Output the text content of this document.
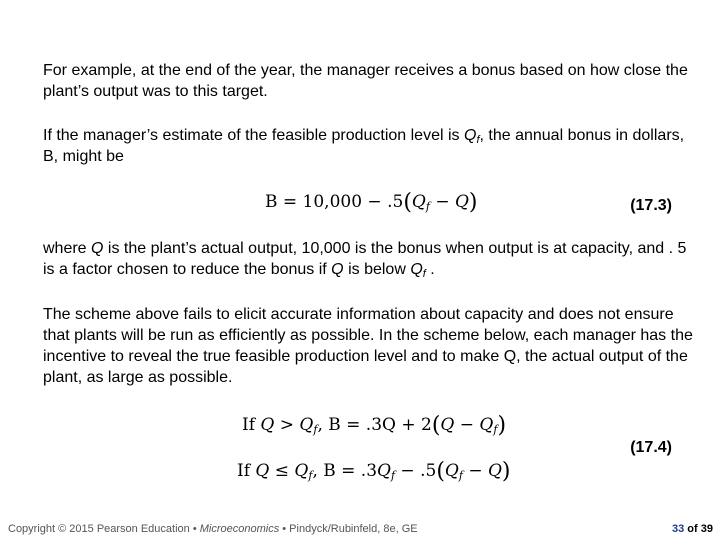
For example, at the end of the year, the manager receives a bonus based on how close the plant’s output was to this target.

If the manager’s estimate of the feasible production level is $Q_f$, the annual bonus in dollars, B, might be

$B = 10,000 - .5(Q_f - Q)$	(17.3)

where Q is the plant’s actual output, 10,000 is the bonus when output is at capacity, and . 5 is a factor chosen to reduce the bonus if Q is below $Q_f$ .

The scheme above fails to elicit accurate information about capacity and does not ensure that plants will be run as efficiently as possible. In the scheme below, each manager has the incentive to reveal the true feasible production level and to make Q, the actual output of the plant, as large as possible.

If $Q > Q_f$, $B = .3Q + 2(Q - Q_f)$
(17.4)
If $Q \le Q_f$, $B = .3Q_f - .5(Q_f - Q)$
Copyright © 2015 Pearson Education • Microeconomics • Pindyck/Rubinfeld, 8e, GE	33 of 39
